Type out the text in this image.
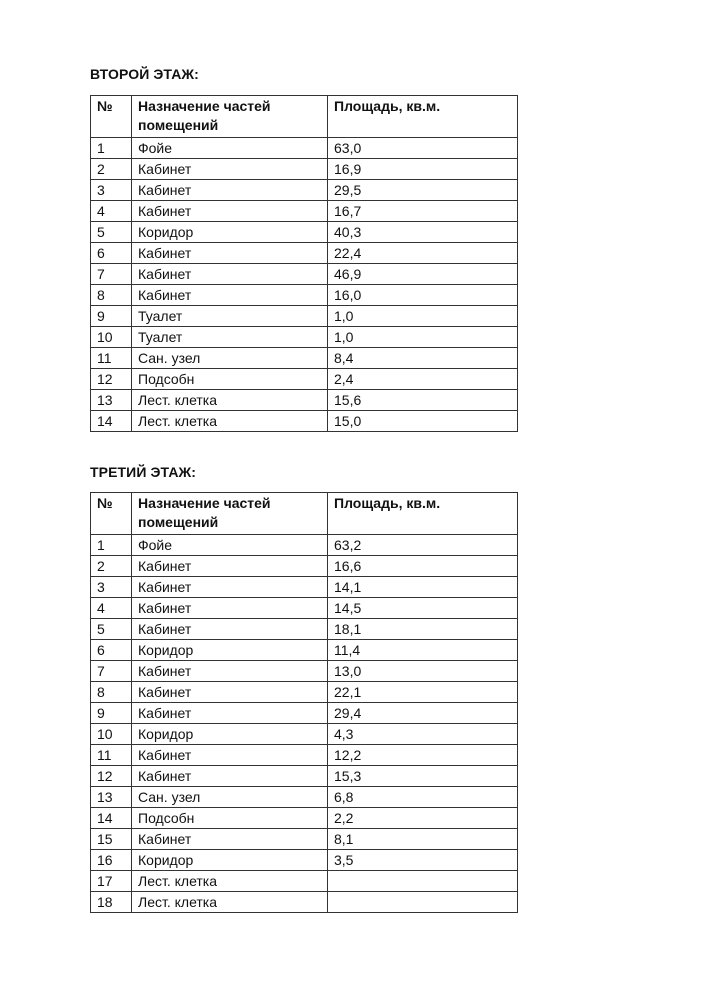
ВТОРОЙ ЭТАЖ:
№	Назначение частей помещений	Площадь, кв.м.
1	Фойе	63,0
2	Кабинет	16,9
3	Кабинет	29,5
4	Кабинет	16,7
5	Коридор	40,3
6	Кабинет	22,4
7	Кабинет	46,9
8	Кабинет	16,0
9	Туалет	1,0
10	Туалет	1,0
11	Сан. узел	8,4
12	Подсобн	2,4
13	Лест. клетка	15,6
14	Лест. клетка	15,0
ТРЕТИЙ ЭТАЖ:
№	Назначение частей помещений	Площадь, кв.м.
1	Фойе	63,2
2	Кабинет	16,6
3	Кабинет	14,1
4	Кабинет	14,5
5	Кабинет	18,1
6	Коридор	11,4
7	Кабинет	13,0
8	Кабинет	22,1
9	Кабинет	29,4
10	Коридор	4,3
11	Кабинет	12,2
12	Кабинет	15,3
13	Сан. узел	6,8
14	Подсобн	2,2
15	Кабинет	8,1
16	Коридор	3,5
17	Лест. клетка	
18	Лест. клетка	
